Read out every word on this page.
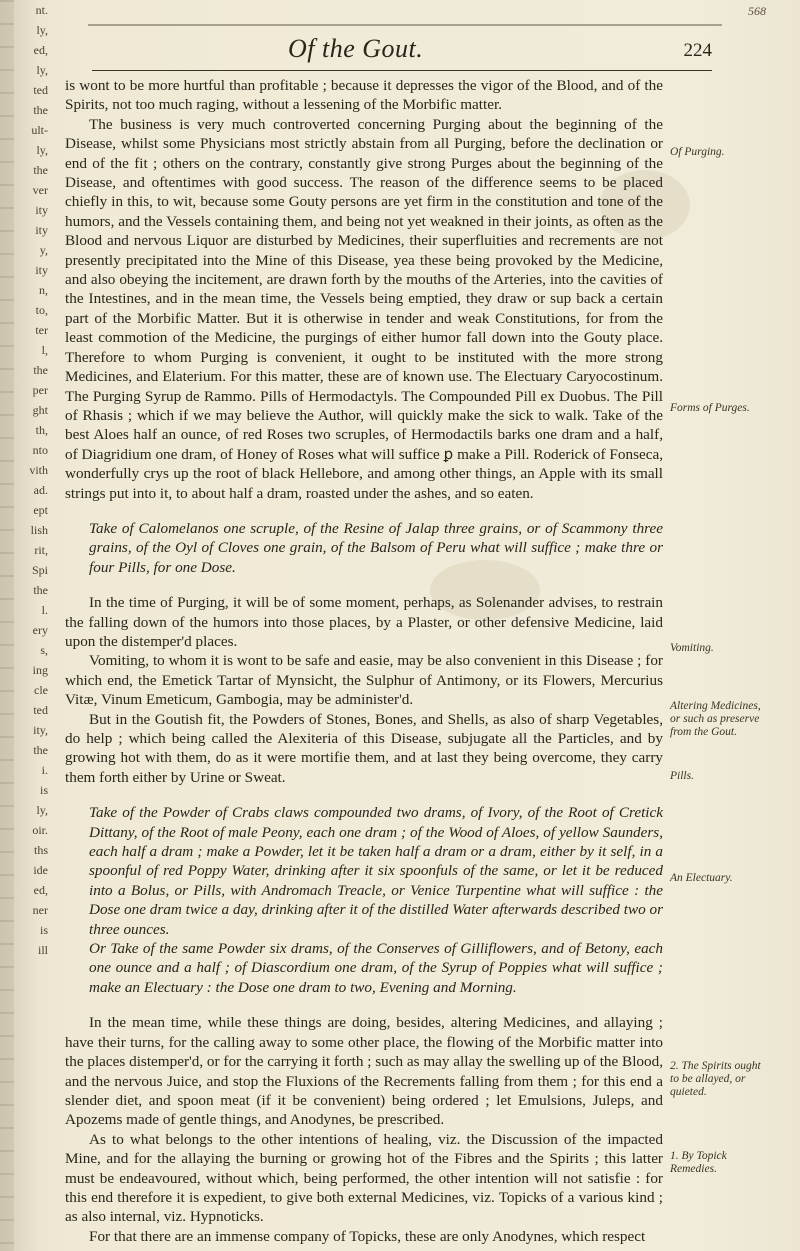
nt.
ly,
ed,
ly,
ted
the
ult-
ly,
the
ver
ity
ity
y,
ity
n,
to,
ter
l,
the
per
ght
th,
nto
vith
ad.
ept
lish
rit,
Spi
the
l.
ery
s,
ing
cle
ted
ity,
the
i.
is
ly,
oir.
ths
ide
ed,
ner
is
ill
568
Of the Gout.	224

is wont to be more hurtful than profitable ; because it depresses the vigor of the Blood, and of the Spirits, not too much raging, without a lessening of the Morbific matter.

The business is very much controverted concerning Purging about the beginning of the Disease, whilst some Physicians most strictly abstain from all Purging, before the declination or end of the fit ; others on the contrary, constantly give strong Purges about the beginning of the Disease, and oftentimes with good success. The reason of the difference seems to be placed chiefly in this, to wit, because some Gouty persons are yet firm in the constitution and tone of the humors, and the Vessels containing them, and being not yet weakned in their joints, as often as the Blood and nervous Liquor are disturbed by Medicines, their superfluities and recrements are not presently precipitated into the Mine of this Disease, yea these being provoked by the Medicine, and also obeying the incitement, are drawn forth by the mouths of the Arteries, into the cavities of the Intestines, and in the mean time, the Vessels being emptied, they draw or sup back a certain part of the Morbific Matter. But it is otherwise in tender and weak Constitutions, for from the least commotion of the Medicine, the purgings of either humor fall down into the Gouty place. Therefore to whom Purging is convenient, it ought to be instituted with the more strong Medicines, and Elaterium. For this matter, these are of known use. The Electuary Caryocostinum. The Purging Syrup de Rammo. Pills of Hermodactyls. The Compounded Pill ex Duobus. The Pill of Rhasis ; which if we may believe the Author, will quickly make the sick to walk. Take of the best Aloes half an ounce, of red Roses two scruples, of Hermodactils barks one dram and a half, of Diagridium one dram, of Honey of Roses what will suffice ꝑ make a Pill. Roderick of Fonseca, wonderfully crys up the root of black Hellebore, and among other things, an Apple with its small strings put into it, to about half a dram, roasted under the ashes, and so eaten.

Take of Calomelanos one scruple, of the Resine of Jalap three grains, or of Scammony three grains, of the Oyl of Cloves one grain, of the Balsom of Peru what will suffice ; make thre or four Pills, for one Dose.

In the time of Purging, it will be of some moment, perhaps, as Solenander advises, to restrain the falling down of the humors into those places, by a Plaster, or other defensive Medicine, laid upon the distemper'd places.

Vomiting, to whom it is wont to be safe and easie, may be also convenient in this Disease ; for which end, the Emetick Tartar of Mynsicht, the Sulphur of Antimony, or its Flowers, Mercurius Vitæ, Vinum Emeticum, Gambogia, may be administer'd.

But in the Goutish fit, the Powders of Stones, Bones, and Shells, as also of sharp Vegetables, do help ; which being called the Alexiteria of this Disease, subjugate all the Particles, and by growing hot with them, do as it were mortifie them, and at last they being overcome, they carry them forth either by Urine or Sweat.

Take of the Powder of Crabs claws compounded two drams, of Ivory, of the Root of Cretick Dittany, of the Root of male Peony, each one dram ; of the Wood of Aloes, of yellow Saunders, each half a dram ; make a Powder, let it be taken half a dram or a dram, either by it self, in a spoonful of red Poppy Water, drinking after it six spoonfuls of the same, or let it be reduced into a Bolus, or Pills, with Andromach Treacle, or Venice Turpentine what will suffice : the Dose one dram twice a day, drinking after it of the distilled Water afterwards described two or three ounces.

Or Take of the same Powder six drams, of the Conserves of Gilliflowers, and of Betony, each one ounce and a half ; of Diascordium one dram, of the Syrup of Poppies what will suffice ; make an Electuary : the Dose one dram to two, Evening and Morning.

In the mean time, while these things are doing, besides, altering Medicines, and allaying ; have their turns, for the calling away to some other place, the flowing of the Morbific matter into the places distemper'd, or for the carrying it forth ; such as may allay the swelling up of the Blood, and the nervous Juice, and stop the Fluxions of the Recrements falling from them ; for this end a slender diet, and spoon meat (if it be convenient) being ordered ; let Emulsions, Juleps, and Apozems made of gentle things, and Anodynes, be prescribed.

As to what belongs to the other intentions of healing, viz. the Discussion of the impacted Mine, and for the allaying the burning or growing hot of the Fibres and the Spirits ; this latter must be endeavoured, without which, being performed, the other intention will not satisfie : for this end therefore it is expedient, to give both external Medicines, viz. Topicks of a various kind ; as also internal, viz. Hypnoticks.

For that there are an immense company of Topicks, these are only Anodynes, which respect

Of Purging.
Forms of Purges.
Vomiting.
Altering Medicines, or such as preserve from the Gout.
Pills.
An Electuary.
2. The Spirits ought to be allayed, or quieted.
1. By Topick Remedies.
